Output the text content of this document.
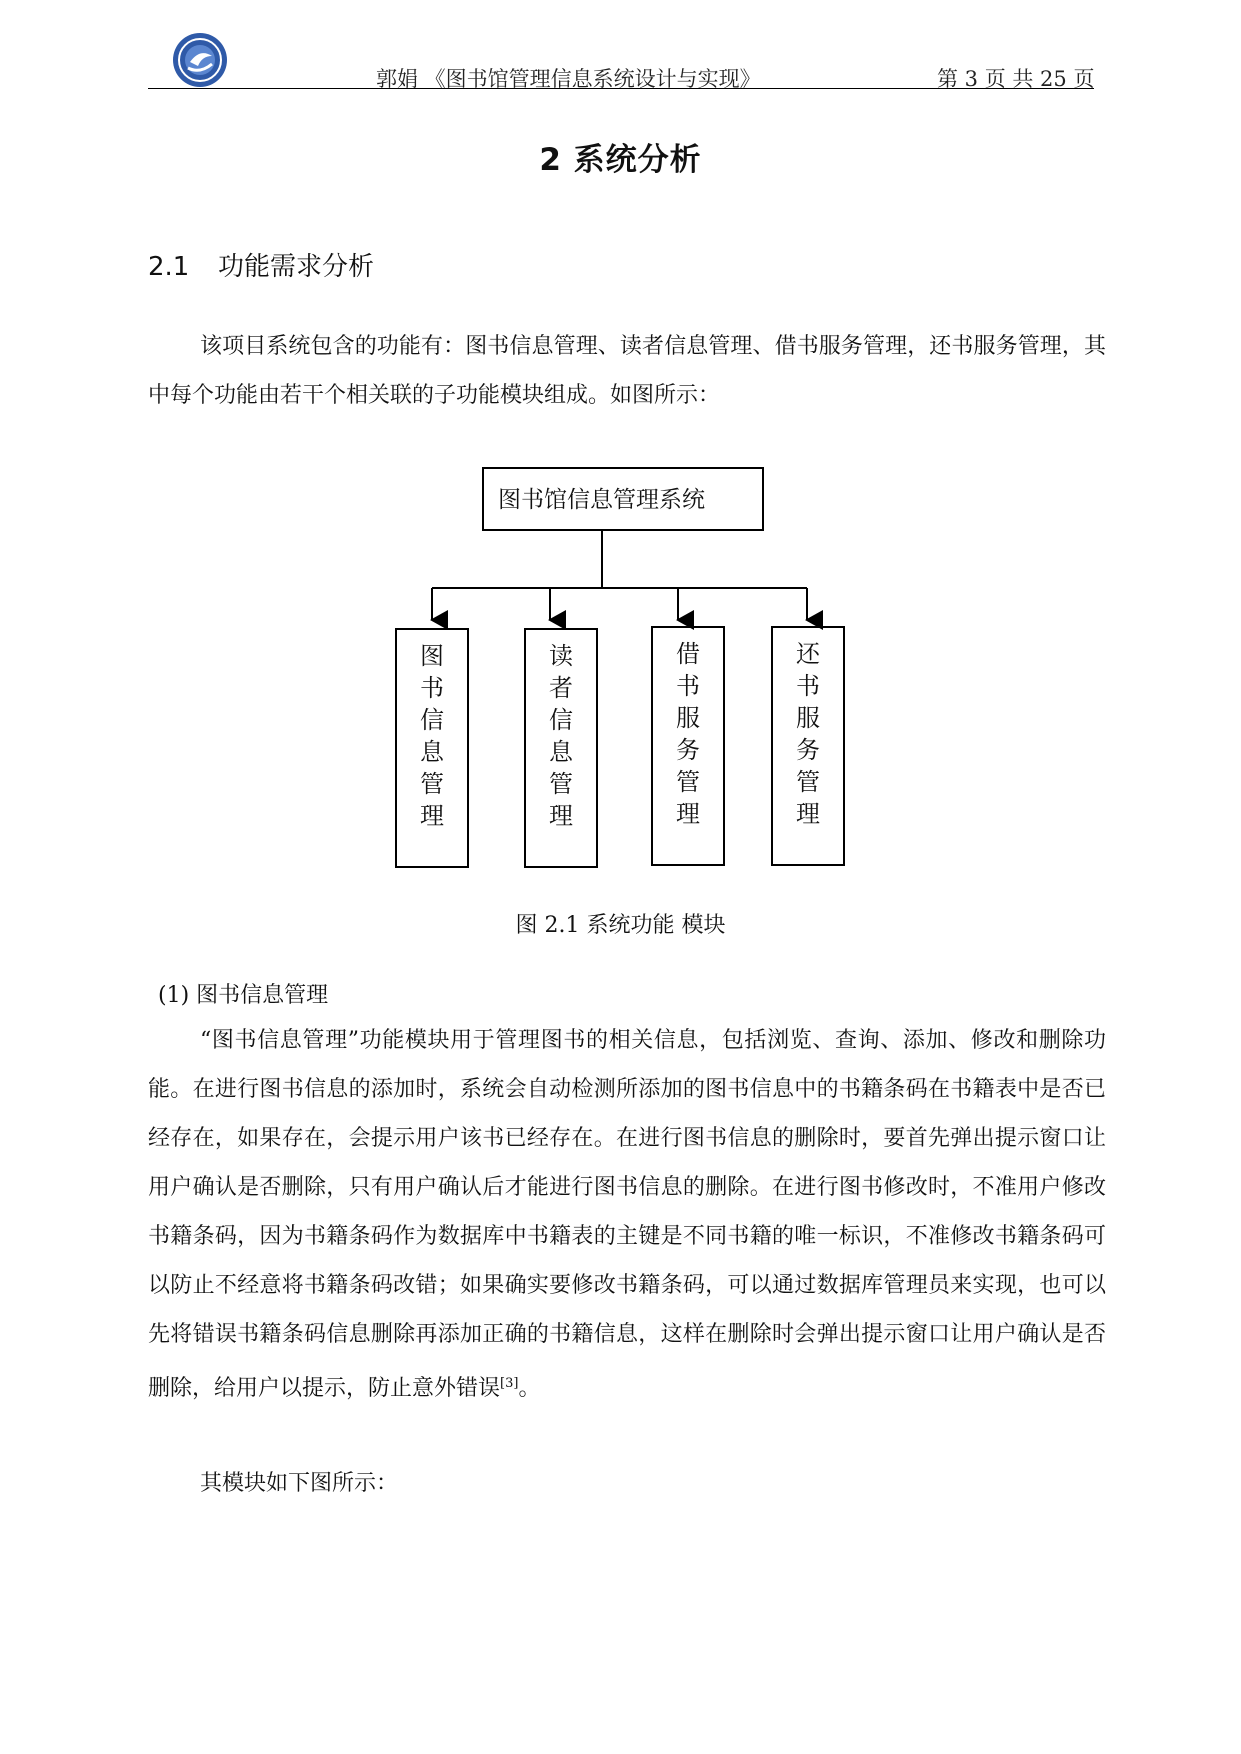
郭娟 《图书馆管理信息系统设计与实现》	第 3 页 共 25 页
2 系统分析
2.1 功能需求分析

该项目系统包含的功能有：图书信息管理、读者信息管理、借书服务管理，还书服务管理，其中每个功能由若干个相关联的子功能模块组成。如图所示：

图书馆信息管理系统
图
书
信
息
管
理
读
者
信
息
管
理
借
书
服
务
管
理
还
书
服
务
管
理
图 2.1 系统功能 模块
(1) 图书信息管理

“图书信息管理”功能模块用于管理图书的相关信息，包括浏览、查询、添加、修改和删除功能。在进行图书信息的添加时，系统会自动检测所添加的图书信息中的书籍条码在书籍表中是否已经存在，如果存在，会提示用户该书已经存在。在进行图书信息的删除时，要首先弹出提示窗口让用户确认是否删除，只有用户确认后才能进行图书信息的删除。在进行图书修改时，不准用户修改书籍条码，因为书籍条码作为数据库中书籍表的主键是不同书籍的唯一标识，不准修改书籍条码可以防止不经意将书籍条码改错；如果确实要修改书籍条码，可以通过数据库管理员来实现，也可以先将错误书籍条码信息删除再添加正确的书籍信息，这样在删除时会弹出提示窗口让用户确认是否删除，给用户以提示，防止意外错误[3]。

其模块如下图所示：
